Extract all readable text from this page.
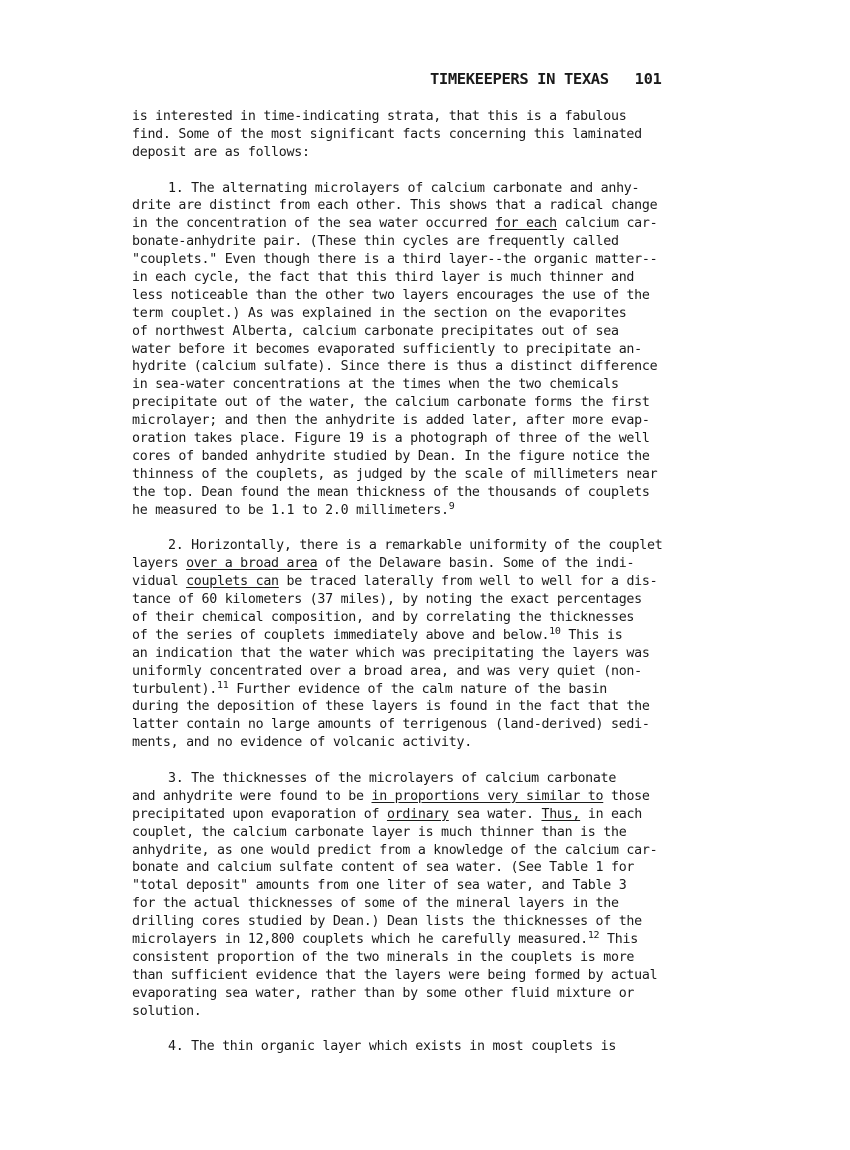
TIMEKEEPERS IN TEXAS 101
is interested in time-indicating strata, that this is a fabulous
find. Some of the most significant facts concerning this laminated
deposit are as follows:
1. The alternating microlayers of calcium carbonate and anhy-
drite are distinct from each other. This shows that a radical change
in the concentration of the sea water occurred for each calcium car-
bonate-anhydrite pair. (These thin cycles are frequently called
"couplets." Even though there is a third layer--the organic matter--
in each cycle, the fact that this third layer is much thinner and
less noticeable than the other two layers encourages the use of the
term couplet.) As was explained in the section on the evaporites
of northwest Alberta, calcium carbonate precipitates out of sea
water before it becomes evaporated sufficiently to precipitate an-
hydrite (calcium sulfate). Since there is thus a distinct difference
in sea-water concentrations at the times when the two chemicals
precipitate out of the water, the calcium carbonate forms the first
microlayer; and then the anhydrite is added later, after more evap-
oration takes place. Figure 19 is a photograph of three of the well
cores of banded anhydrite studied by Dean. In the figure notice the
thinness of the couplets, as judged by the scale of millimeters near
the top. Dean found the mean thickness of the thousands of couplets
he measured to be 1.1 to 2.0 millimeters.$^9$
2. Horizontally, there is a remarkable uniformity of the couplet
layers over a broad area of the Delaware basin. Some of the indi-
vidual couplets can be traced laterally from well to well for a dis-
tance of 60 kilometers (37 miles), by noting the exact percentages
of their chemical composition, and by correlating the thicknesses
of the series of couplets immediately above and below.$^{10}$ This is
an indication that the water which was precipitating the layers was
uniformly concentrated over a broad area, and was very quiet (non-
turbulent).$^{11}$ Further evidence of the calm nature of the basin
during the deposition of these layers is found in the fact that the
latter contain no large amounts of terrigenous (land-derived) sedi-
ments, and no evidence of volcanic activity.
3. The thicknesses of the microlayers of calcium carbonate
and anhydrite were found to be in proportions very similar to those
precipitated upon evaporation of ordinary sea water. Thus, in each
couplet, the calcium carbonate layer is much thinner than is the
anhydrite, as one would predict from a knowledge of the calcium car-
bonate and calcium sulfate content of sea water. (See Table 1 for
"total deposit" amounts from one liter of sea water, and Table 3
for the actual thicknesses of some of the mineral layers in the
drilling cores studied by Dean.) Dean lists the thicknesses of the
microlayers in 12,800 couplets which he carefully measured.$^{12}$ This
consistent proportion of the two minerals in the couplets is more
than sufficient evidence that the layers were being formed by actual
evaporating sea water, rather than by some other fluid mixture or
solution.
4. The thin organic layer which exists in most couplets is
